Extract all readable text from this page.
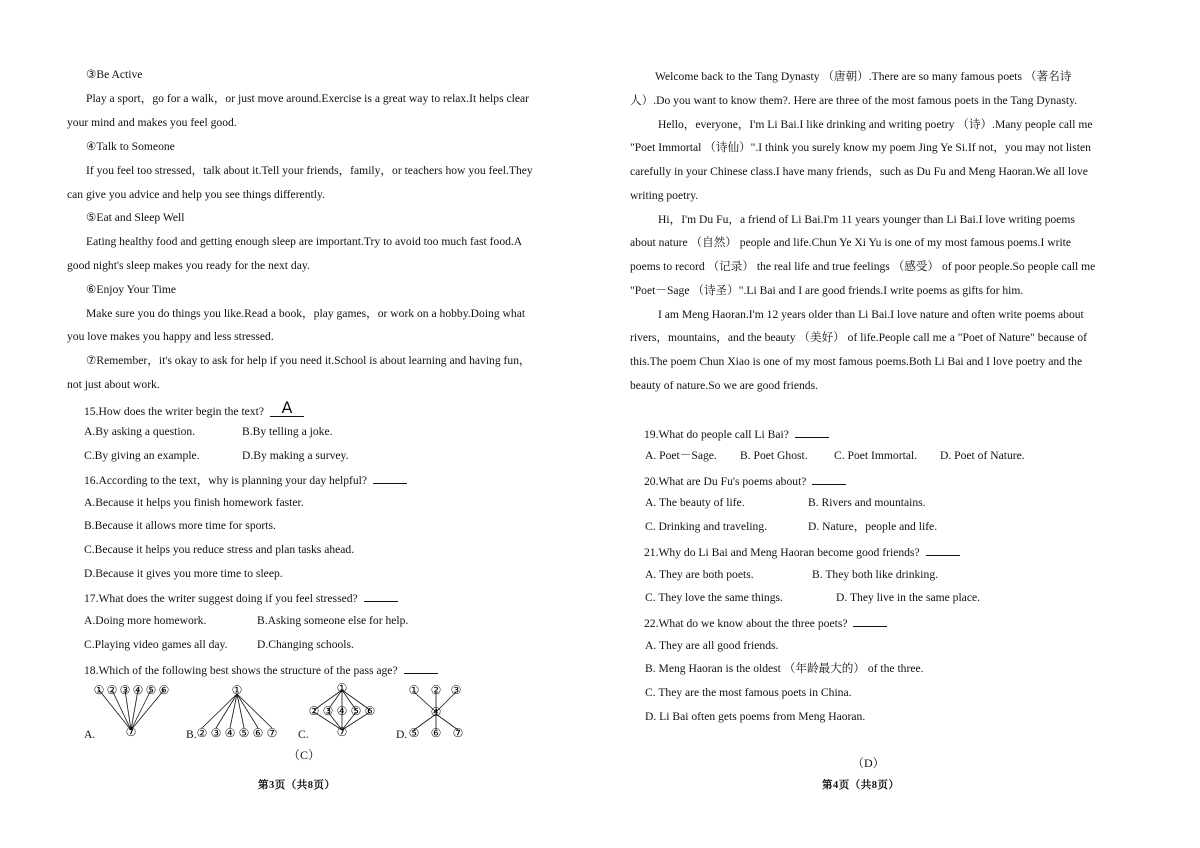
③Be Active
Play a sport，go for a walk，or just move around.Exercise is a great way to relax.It helps clear
your mind and makes you feel good.
④Talk to Someone
If you feel too stressed，talk about it.Tell your friends，family，or teachers how you feel.They
can give you advice and help you see things differently.
⑤Eat and Sleep Well
Eating healthy food and getting enough sleep are important.Try to avoid too much fast food.A
good night's sleep makes you ready for the next day.
⑥Enjoy Your Time
Make sure you do things you like.Read a book，play games，or work on a hobby.Doing what
you love makes you happy and less stressed.
⑦Remember，it's okay to ask for help if you need it.School is about learning and having fun，
not just about work.
15.How does the writer begin the text? A
A.By asking a question.	B.By telling a joke.
C.By giving an example.	D.By making a survey.
16.According to the text，why is planning your day helpful?
A.Because it helps you finish homework faster.
B.Because it allows more time for sports.
C.Because it helps you reduce stress and plan tasks ahead.
D.Because it gives you more time to sleep.
17.What does the writer suggest doing if you feel stressed?
A.Doing more homework.	B.Asking someone else for help.
C.Playing video games all day.	D.Changing schools.
18.Which of the following best shows the structure of the pass age?
A.
① ② ③ ④ ⑤ ⑥
⑦	B.
①
② ③ ④ ⑤ ⑥ ⑦ C.
①
② ③ ④ ⑤ ⑥
⑦	D.
① ② ③
④
⑤ ⑥ ⑦
（C）
第3页（共8页）
Welcome back to the Tang Dynasty （唐朝）.There are so many famous poets （著名诗
人）.Do you want to know them?. Here are three of the most famous poets in the Tang Dynasty.
Hello，everyone，I'm Li Bai.I like drinking and writing poetry （诗）.Many people call me
"Poet Immortal （诗仙）".I think you surely know my poem Jing Ye Si.If not，you may not listen
carefully in your Chinese class.I have many friends，such as Du Fu and Meng Haoran.We all love
writing poetry.
Hi，I'm Du Fu，a friend of Li Bai.I'm 11 years younger than Li Bai.I love writing poems
about nature （自然） people and life.Chun Ye Xi Yu is one of my most famous poems.I write
poems to record （记录） the real life and true feelings （感受） of poor people.So people call me
"Poet－Sage （诗圣）".Li Bai and I are good friends.I write poems as gifts for him.
I am Meng Haoran.I'm 12 years older than Li Bai.I love nature and often write poems about
rivers，mountains，and the beauty （美好） of life.People call me a "Poet of Nature" because of
this.The poem Chun Xiao is one of my most famous poems.Both Li Bai and I love poetry and the
beauty of nature.So we are good friends.
19.What do people call Li Bai?
A. Poet－Sage. B. Poet Ghost. C. Poet Immortal. D. Poet of Nature.
20.What are Du Fu's poems about?
A. The beauty of life.	B. Rivers and mountains.
C. Drinking and traveling.	D. Nature，people and life.
21.Why do Li Bai and Meng Haoran become good friends?
A. They are both poets.	B. They both like drinking.
C. They love the same things.	D. They live in the same place.
22.What do we know about the three poets?
A. They are all good friends.
B. Meng Haoran is the oldest （年龄最大的） of the three.
C. They are the most famous poets in China.
D. Li Bai often gets poems from Meng Haoran.
（D）
第4页（共8页）
